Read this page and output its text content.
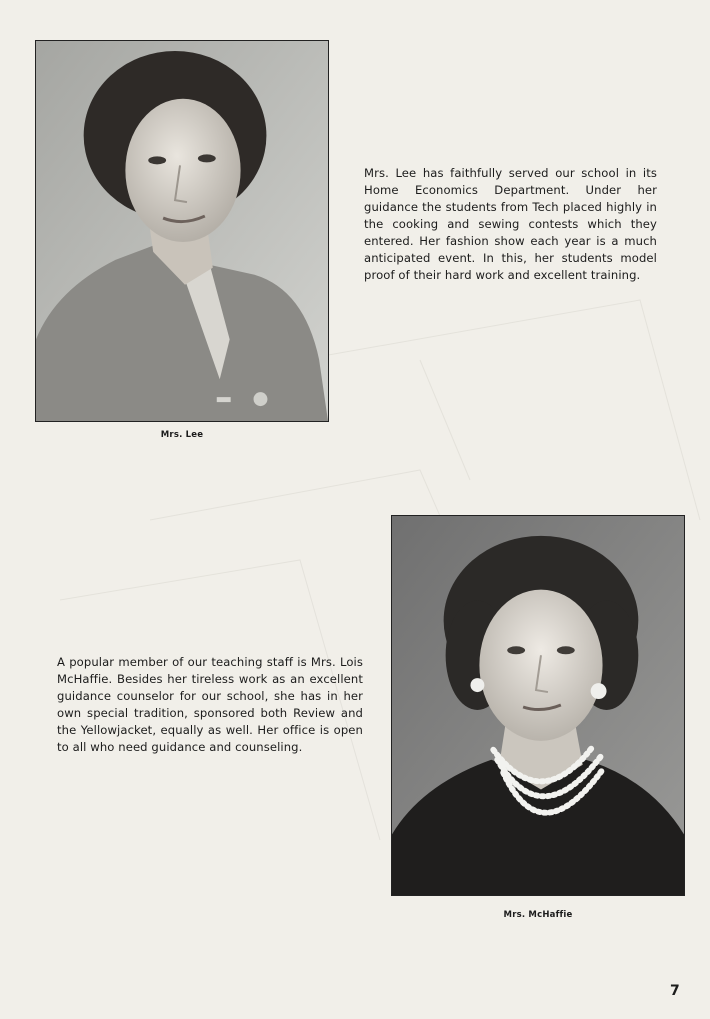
Mrs. Lee

Mrs. Lee has faithfully served our school in its Home Economics Department. Under her guidance the students from Tech placed highly in the cooking and sewing contests which they entered. Her fashion show each year is a much anticipated event. In this, her students model proof of their hard work and excellent training.

A popular member of our teaching staff is Mrs. Lois McHaffie. Besides her tireless work as an excellent guidance counselor for our school, she has in her own special tradition, sponsored both Review and the Yellowjacket, equally as well. Her office is open to all who need guidance and counseling.

Mrs. McHaffie
7
